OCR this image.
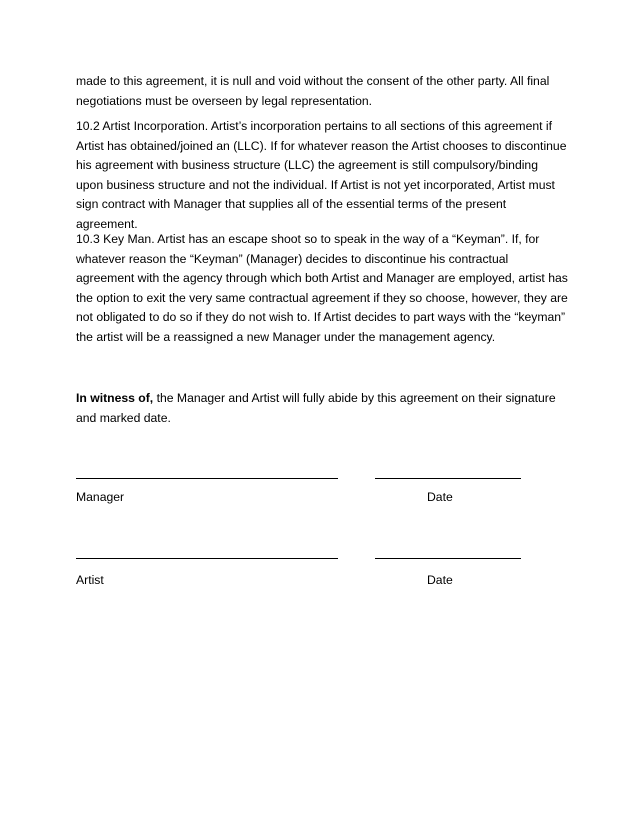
made to this agreement, it is null and void without the consent of the other party. All final negotiations must be overseen by legal representation.

10.2 Artist Incorporation. Artist’s incorporation pertains to all sections of this agreement if Artist has obtained/joined an (LLC). If for whatever reason the Artist chooses to discontinue his agreement with business structure (LLC) the agreement is still compulsory/binding upon business structure and not the individual. If Artist is not yet incorporated, Artist must sign contract with Manager that supplies all of the essential terms of the present agreement.

10.3 Key Man. Artist has an escape shoot so to speak in the way of a “Keyman”. If, for whatever reason the “Keyman” (Manager) decides to discontinue his contractual agreement with the agency through which both Artist and Manager are employed, artist has the option to exit the very same contractual agreement if they so choose, however, they are not obligated to do so if they do not wish to. If Artist decides to part ways with the “keyman” the artist will be a reassigned a new Manager under the management agency.

In witness of, the Manager and Artist will fully abide by this agreement on their signature and marked date.

Manager	Date

Artist	Date
